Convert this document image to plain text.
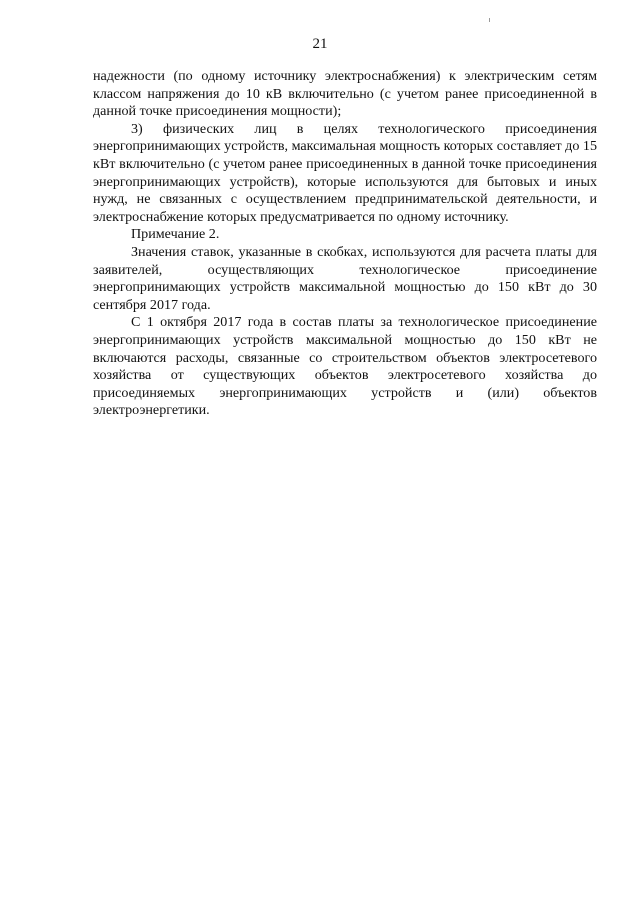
21

надежности (по одному источнику электроснабжения) к электрическим сетям классом напряжения до 10 кВ включительно (с учетом ранее присоединенной в данной точке присоединения мощности);

3) физических лиц в целях технологического присоединения энергопринимающих устройств, максимальная мощность которых составляет до 15 кВт включительно (с учетом ранее присоединенных в данной точке присоединения энергопринимающих устройств), которые используются для бытовых и иных нужд, не связанных с осуществлением предпринимательской деятельности, и электроснабжение которых предусматривается по одному источнику.

Примечание 2.

Значения ставок, указанные в скобках, используются для расчета платы для заявителей, осуществляющих технологическое присоединение энергопринимающих устройств максимальной мощностью до 150 кВт до 30 сентября 2017 года.

С 1 октября 2017 года в состав платы за технологическое присоединение энергопринимающих устройств максимальной мощностью до 150 кВт не включаются расходы, связанные со строительством объектов электросетевого хозяйства от существующих объектов электросетевого хозяйства до присоединяемых энергопринимающих устройств и (или) объектов электроэнергетики.
